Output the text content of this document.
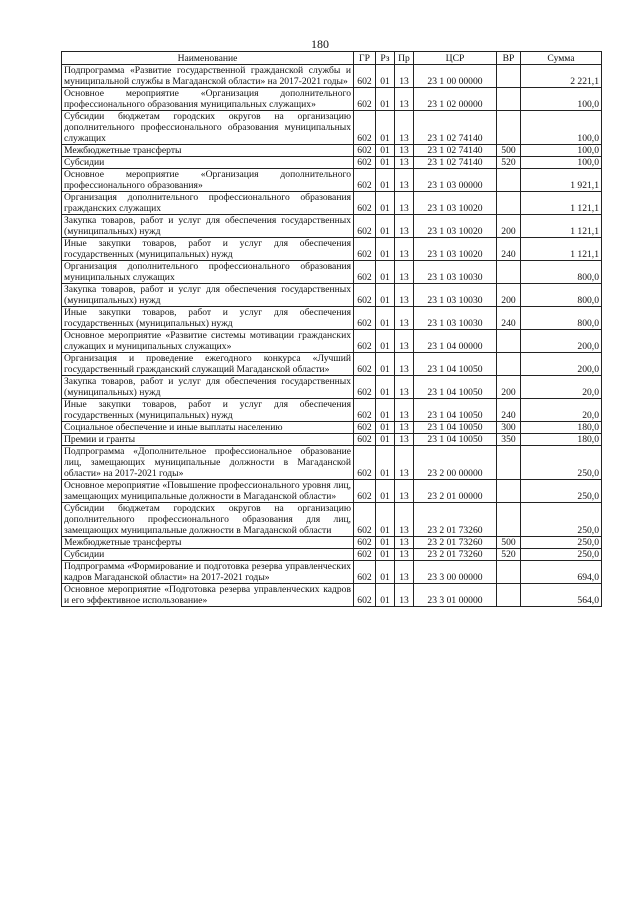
180
Наименование	ГР	Рз	Пр	ЦСР	ВР	Сумма
Подпрограмма «Развитие государственной гражданской службы и муниципальной службы в Магаданской области» на 2017-2021 годы»	602	01	13	23 1 00 00000		2 221,1
Основное мероприятие «Организация дополнительного профессионального образования муниципальных служащих»	602	01	13	23 1 02 00000		100,0
Субсидии бюджетам городских округов на организацию дополнительного профессионального образования муниципальных служащих	602	01	13	23 1 02 74140		100,0
Межбюджетные трансферты	602	01	13	23 1 02 74140	500	100,0
Субсидии	602	01	13	23 1 02 74140	520	100,0
Основное мероприятие «Организация дополнительного профессионального образования»	602	01	13	23 1 03 00000		1 921,1
Организация дополнительного профессионального образования гражданских служащих	602	01	13	23 1 03 10020		1 121,1
Закупка товаров, работ и услуг для обеспечения государственных (муниципальных) нужд	602	01	13	23 1 03 10020	200	1 121,1
Иные закупки товаров, работ и услуг для обеспечения государственных (муниципальных) нужд	602	01	13	23 1 03 10020	240	1 121,1
Организация дополнительного профессионального образования муниципальных служащих	602	01	13	23 1 03 10030		800,0
Закупка товаров, работ и услуг для обеспечения государственных (муниципальных) нужд	602	01	13	23 1 03 10030	200	800,0
Иные закупки товаров, работ и услуг для обеспечения государственных (муниципальных) нужд	602	01	13	23 1 03 10030	240	800,0
Основное мероприятие «Развитие системы мотивации гражданских служащих и муниципальных служащих»	602	01	13	23 1 04 00000		200,0
Организация и проведение ежегодного конкурса «Лучший государственный гражданский служащий Магаданской области»	602	01	13	23 1 04 10050		200,0
Закупка товаров, работ и услуг для обеспечения государственных (муниципальных) нужд	602	01	13	23 1 04 10050	200	20,0
Иные закупки товаров, работ и услуг для обеспечения государственных (муниципальных) нужд	602	01	13	23 1 04 10050	240	20,0
Социальное обеспечение и иные выплаты населению	602	01	13	23 1 04 10050	300	180,0
Премии и гранты	602	01	13	23 1 04 10050	350	180,0
Подпрограмма «Дополнительное профессиональное образование лиц, замещающих муниципальные должности в Магаданской области» на 2017-2021 годы»	602	01	13	23 2 00 00000		250,0
Основное мероприятие «Повышение профессионального уровня лиц, замещающих муниципальные должности в Магаданской области»	602	01	13	23 2 01 00000		250,0
Субсидии бюджетам городских округов на организацию дополнительного профессионального образования для лиц, замещающих муниципальные должности в Магаданской области	602	01	13	23 2 01 73260		250,0
Межбюджетные трансферты	602	01	13	23 2 01 73260	500	250,0
Субсидии	602	01	13	23 2 01 73260	520	250,0
Подпрограмма «Формирование и подготовка резерва управленческих кадров Магаданской области» на 2017-2021 годы»	602	01	13	23 3 00 00000		694,0
Основное мероприятие «Подготовка резерва управленческих кадров и его эффективное использование»	602	01	13	23 3 01 00000		564,0
